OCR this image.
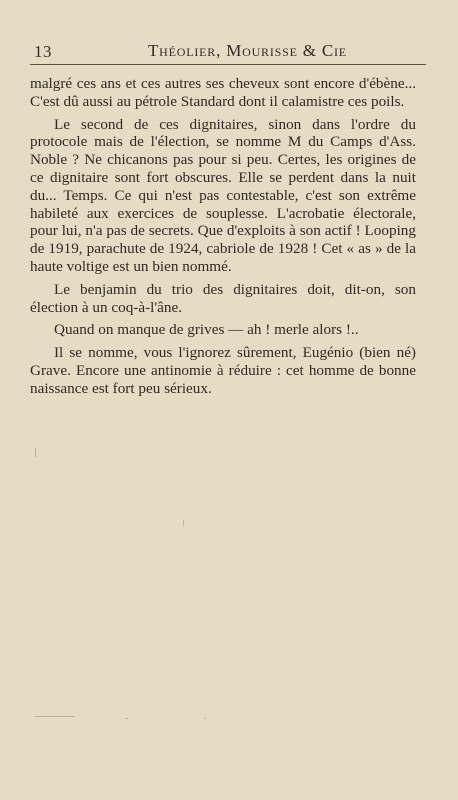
13	Théolier, Mourisse & Cie

malgré ces ans et ces autres ses cheveux sont encore d'ébène... C'est dû aussi au pétrole Standard dont il calamistre ces poils.

Le second de ces dignitaires, sinon dans l'ordre du protocole mais de l'élection, se nomme M du Camps d'Ass. Noble ? Ne chicanons pas pour si peu. Certes, les origines de ce dignitaire sont fort obscures. Elle se perdent dans la nuit du... Temps. Ce qui n'est pas contestable, c'est son extrême habileté aux exercices de souplesse. L'acrobatie électorale, pour lui, n'a pas de secrets. Que d'exploits à son actif ! Looping de 1919, parachute de 1924, cabriole de 1928 ! Cet « as » de la haute voltige est un bien nommé.

Le benjamin du trio des dignitaires doit, dit-on, son élection à un coq-à-l'âne.

Quand on manque de grives — ah ! merle alors !..

Il se nomme, vous l'ignorez sûrement, Eugénio (bien né) Grave. Encore une antinomie à réduire : cet homme de bonne naissance est fort peu sérieux.
